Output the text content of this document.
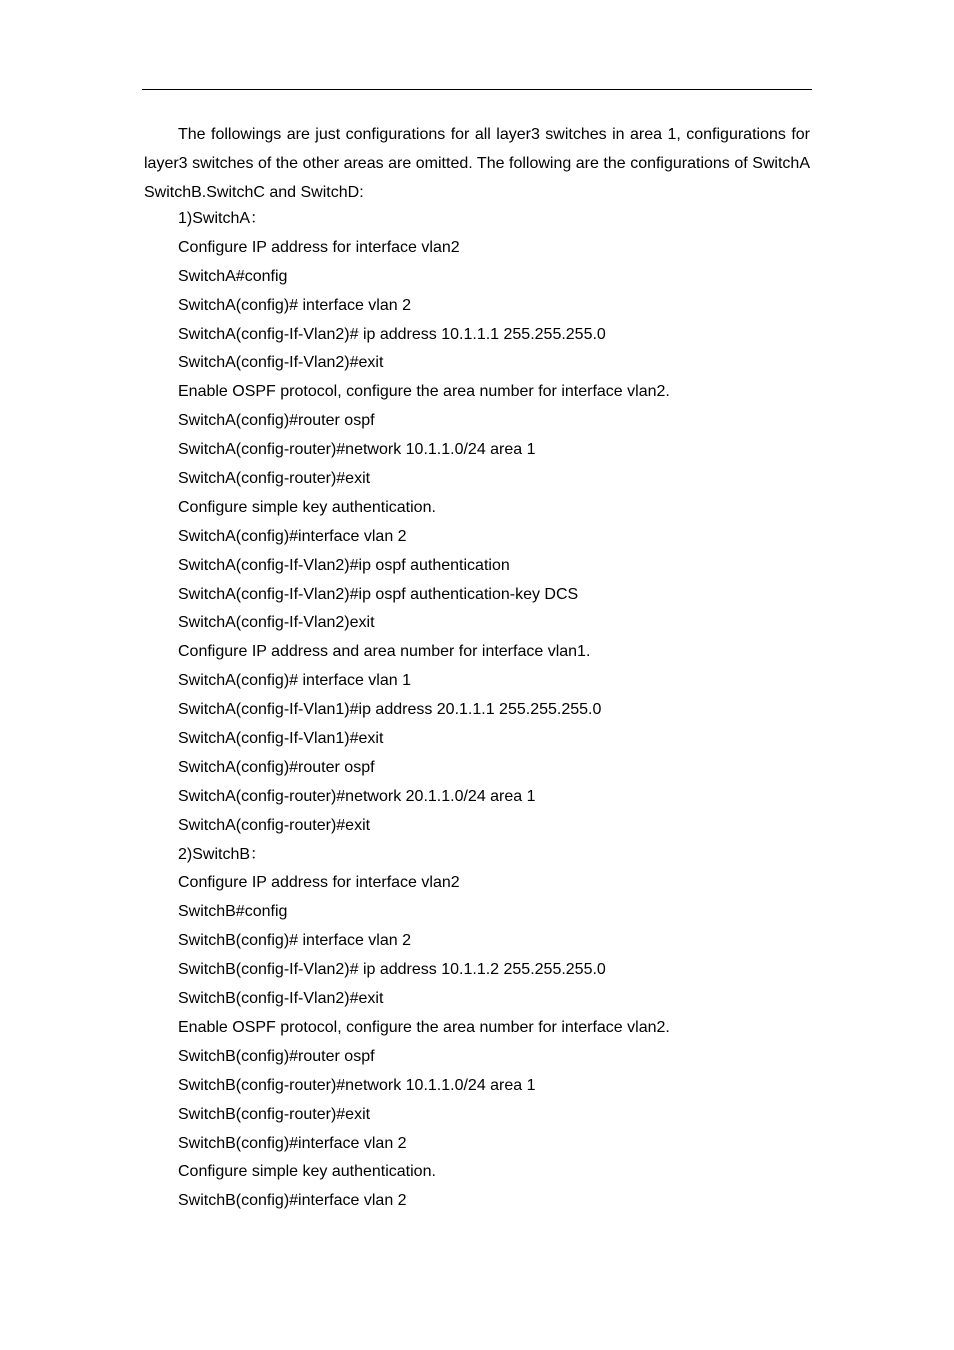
The followings are just configurations for all layer3 switches in area 1, configurations for layer3 switches of the other areas are omitted. The following are the configurations of SwitchA SwitchB.SwitchC and SwitchD:

1)SwitchA：
Configure IP address for interface vlan2
SwitchA#config
SwitchA(config)# interface vlan 2
SwitchA(config-If-Vlan2)# ip address 10.1.1.1 255.255.255.0
SwitchA(config-If-Vlan2)#exit
Enable OSPF protocol, configure the area number for interface vlan2.
SwitchA(config)#router ospf
SwitchA(config-router)#network 10.1.1.0/24 area 1
SwitchA(config-router)#exit
Configure simple key authentication.
SwitchA(config)#interface vlan 2
SwitchA(config-If-Vlan2)#ip ospf authentication
SwitchA(config-If-Vlan2)#ip ospf authentication-key DCS
SwitchA(config-If-Vlan2)exit
Configure IP address and area number for interface vlan1.
SwitchA(config)# interface vlan 1
SwitchA(config-If-Vlan1)#ip address 20.1.1.1 255.255.255.0
SwitchA(config-If-Vlan1)#exit
SwitchA(config)#router ospf
SwitchA(config-router)#network 20.1.1.0/24 area 1
SwitchA(config-router)#exit
2)SwitchB：
Configure IP address for interface vlan2
SwitchB#config
SwitchB(config)# interface vlan 2
SwitchB(config-If-Vlan2)# ip address 10.1.1.2 255.255.255.0
SwitchB(config-If-Vlan2)#exit
Enable OSPF protocol, configure the area number for interface vlan2.
SwitchB(config)#router ospf
SwitchB(config-router)#network 10.1.1.0/24 area 1
SwitchB(config-router)#exit
SwitchB(config)#interface vlan 2
Configure simple key authentication.
SwitchB(config)#interface vlan 2
